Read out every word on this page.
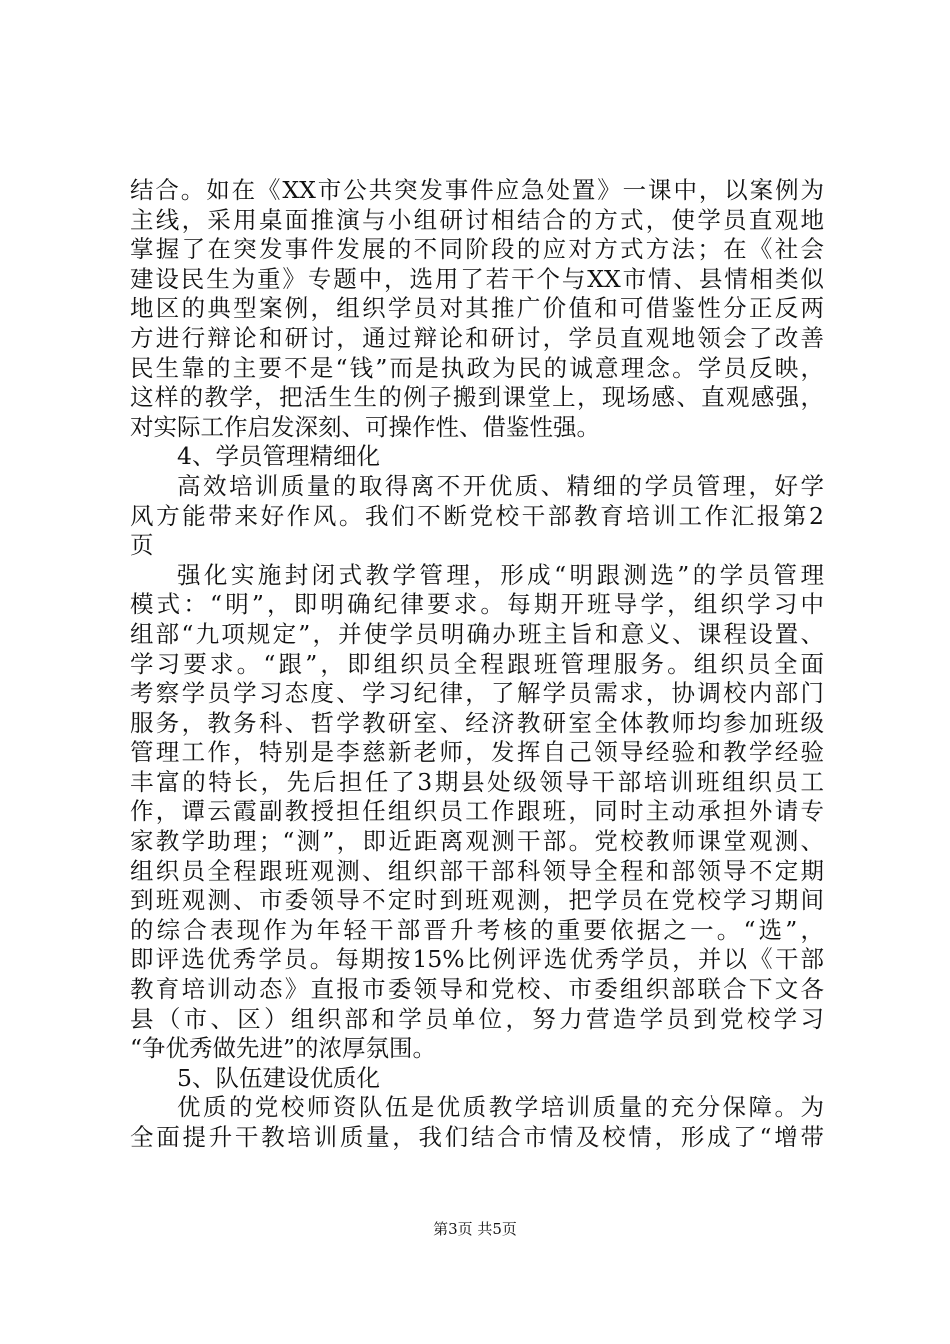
结合。如在《XX市公共突发事件应急处置》一课中，以案例为
主线，采用桌面推演与小组研讨相结合的方式，使学员直观地
掌握了在突发事件发展的不同阶段的应对方式方法；在《社会
建设民生为重》专题中，选用了若干个与XX市情、县情相类似
地区的典型案例，组织学员对其推广价值和可借鉴性分正反两
方进行辩论和研讨，通过辩论和研讨，学员直观地领会了改善
民生靠的主要不是“钱”而是执政为民的诚意理念。学员反映，
这样的教学，把活生生的例子搬到课堂上，现场感、直观感强，
对实际工作启发深刻、可操作性、借鉴性强。
4、学员管理精细化
高效培训质量的取得离不开优质、精细的学员管理，好学
风方能带来好作风。我们不断党校干部教育培训工作汇报第2
页
强化实施封闭式教学管理，形成“明跟测选”的学员管理
模式：“明”，即明确纪律要求。每期开班导学，组织学习中
组部“九项规定”，并使学员明确办班主旨和意义、课程设置、
学习要求。“跟”，即组织员全程跟班管理服务。组织员全面
考察学员学习态度、学习纪律，了解学员需求，协调校内部门
服务，教务科、哲学教研室、经济教研室全体教师均参加班级
管理工作，特别是李慈新老师，发挥自己领导经验和教学经验
丰富的特长，先后担任了3期县处级领导干部培训班组织员工
作，谭云霞副教授担任组织员工作跟班，同时主动承担外请专
家教学助理；“测”，即近距离观测干部。党校教师课堂观测、
组织员全程跟班观测、组织部干部科领导全程和部领导不定期
到班观测、市委领导不定时到班观测，把学员在党校学习期间
的综合表现作为年轻干部晋升考核的重要依据之一。“选”，
即评选优秀学员。每期按15%比例评选优秀学员，并以《干部
教育培训动态》直报市委领导和党校、市委组织部联合下文各
县（市、区）组织部和学员单位，努力营造学员到党校学习
“争优秀做先进”的浓厚氛围。
5、队伍建设优质化
优质的党校师资队伍是优质教学培训质量的充分保障。为
全面提升干教培训质量，我们结合市情及校情，形成了“增带
第3页 共5页
